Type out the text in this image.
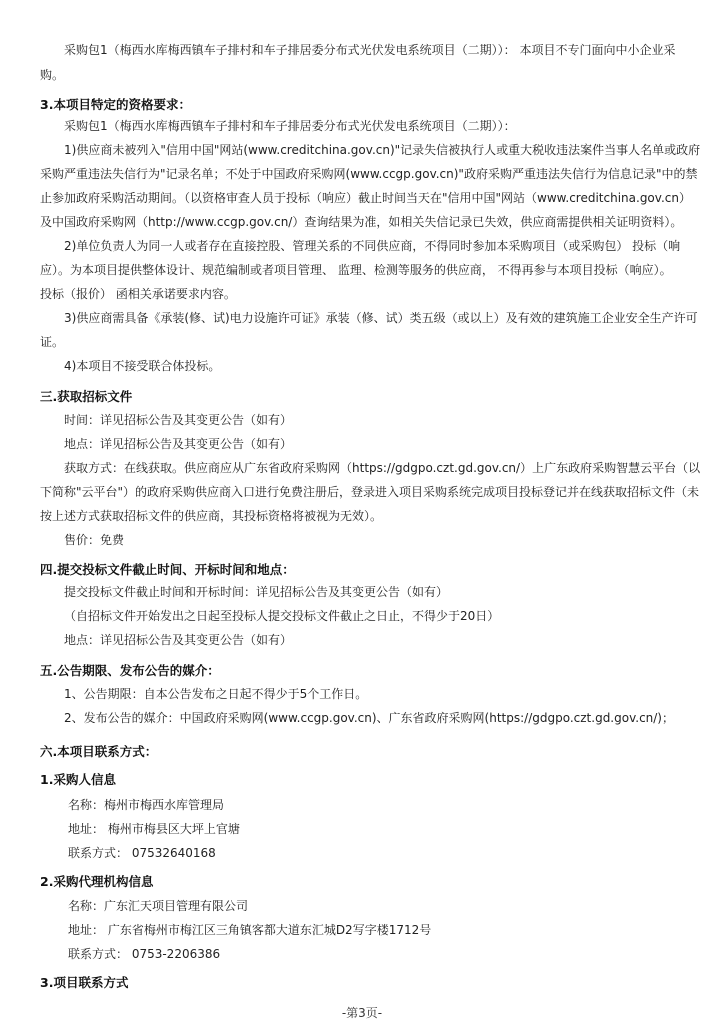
采购包1（梅西水库梅西镇车子排村和车子排居委分布式光伏发电系统项目（二期））： 本项目不专门面向中小企业采
购。
3.本项目特定的资格要求：
采购包1（梅西水库梅西镇车子排村和车子排居委分布式光伏发电系统项目（二期））：
1)供应商未被列入"信用中国"网站(www.creditchina.gov.cn)"记录失信被执行人或重大税收违法案件当事人名单或政府
采购严重违法失信行为"记录名单；不处于中国政府采购网(www.ccgp.gov.cn)"政府采购严重违法失信行为信息记录"中的禁
止参加政府采购活动期间。（以资格审查人员于投标（响应）截止时间当天在"信用中国"网站（www.creditchina.gov.cn）
及中国政府采购网（http://www.ccgp.gov.cn/）查询结果为准，如相关失信记录已失效，供应商需提供相关证明资料）。
2)单位负责人为同一人或者存在直接控股、管理关系的不同供应商，不得同时参加本采购项目（或采购包） 投标（响
应）。为本项目提供整体设计、规范编制或者项目管理、 监理、检测等服务的供应商， 不得再参与本项目投标（响应）。
投标（报价） 函相关承诺要求内容。
3)供应商需具备《承装(修、试)电力设施许可证》承装（修、试）类五级（或以上）及有效的建筑施工企业安全生产许可
证。
4)本项目不接受联合体投标。
三.获取招标文件
时间：详见招标公告及其变更公告（如有）
地点：详见招标公告及其变更公告（如有）
获取方式：在线获取。供应商应从广东省政府采购网（https://gdgpo.czt.gd.gov.cn/）上广东政府采购智慧云平台（以
下简称"云平台"）的政府采购供应商入口进行免费注册后，登录进入项目采购系统完成项目投标登记并在线获取招标文件（未
按上述方式获取招标文件的供应商，其投标资格将被视为无效）。
售价：免费
四.提交投标文件截止时间、开标时间和地点：
提交投标文件截止时间和开标时间：详见招标公告及其变更公告（如有）
（自招标文件开始发出之日起至投标人提交投标文件截止之日止，不得少于20日）
地点：详见招标公告及其变更公告（如有）
五.公告期限、发布公告的媒介：
1、公告期限：自本公告发布之日起不得少于5个工作日。
2、发布公告的媒介：中国政府采购网(www.ccgp.gov.cn)、广东省政府采购网(https://gdgpo.czt.gd.gov.cn/)；
六.本项目联系方式：
1.采购人信息
名称：梅州市梅西水库管理局
地址： 梅州市梅县区大坪上官塘
联系方式： 07532640168
2.采购代理机构信息
名称：广东汇天项目管理有限公司
地址： 广东省梅州市梅江区三角镇客都大道东汇城D2写字楼1712号
联系方式： 0753-2206386
3.项目联系方式
-第3页-
